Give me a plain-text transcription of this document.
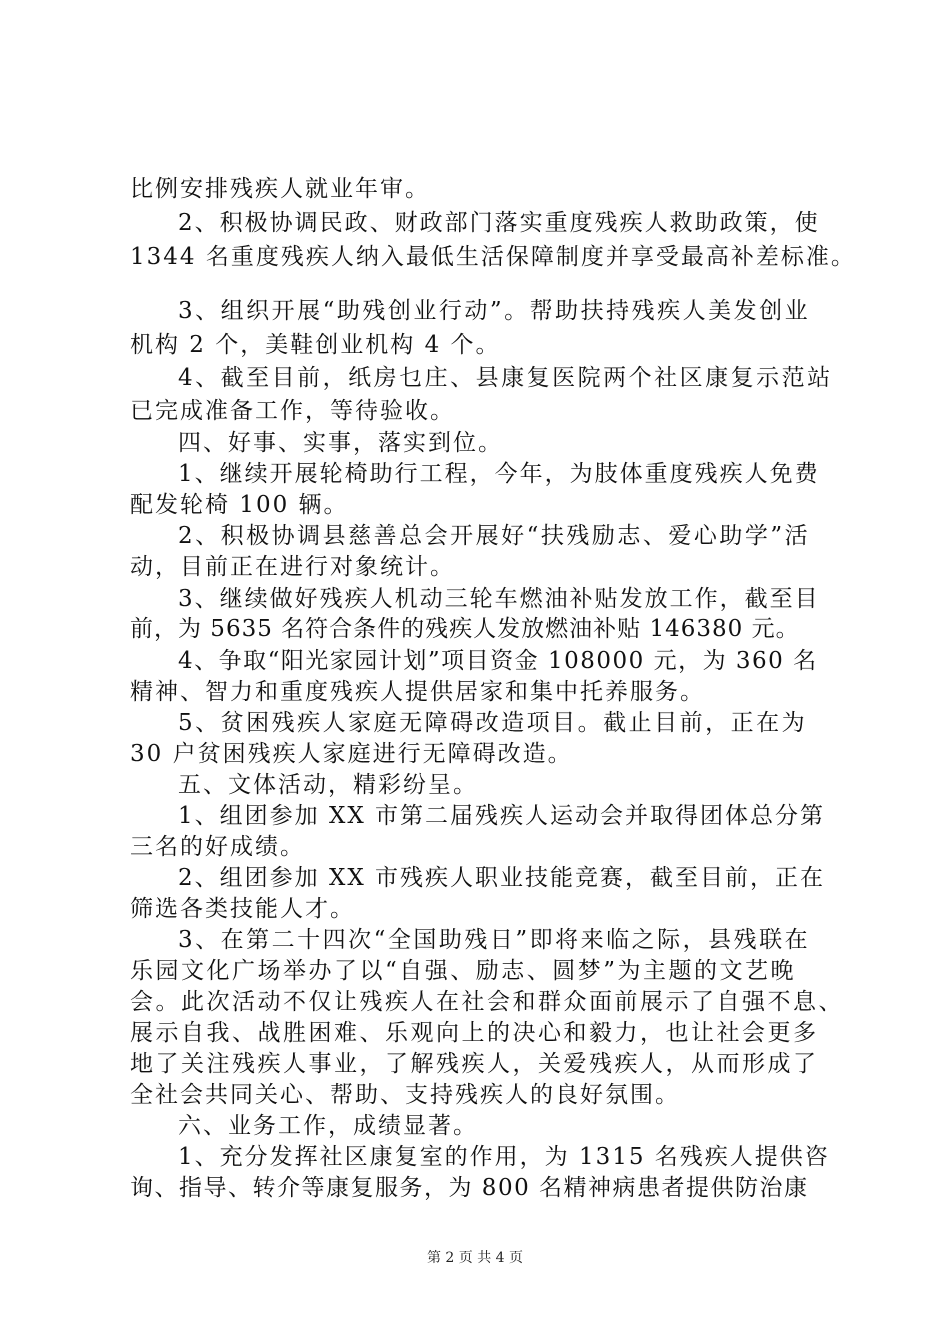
比例安排残疾人就业年审。
2、积极协调民政、财政部门落实重度残疾人救助政策，使
1344 名重度残疾人纳入最低生活保障制度并享受最高补差标准。
3、组织开展“助残创业行动”。帮助扶持残疾人美发创业
机构 2 个，美鞋创业机构 4 个。
4、截至目前，纸房乜庄、县康复医院两个社区康复示范站
已完成准备工作，等待验收。
四、好事、实事，落实到位。
1、继续开展轮椅助行工程，今年，为肢体重度残疾人免费
配发轮椅 100 辆。
2、积极协调县慈善总会开展好“扶残励志、爱心助学”活
动，目前正在进行对象统计。
3、继续做好残疾人机动三轮车燃油补贴发放工作，截至目
前，为 5635 名符合条件的残疾人发放燃油补贴 146380 元。
4、争取“阳光家园计划”项目资金 108000 元，为 360 名
精神、智力和重度残疾人提供居家和集中托养服务。
5、贫困残疾人家庭无障碍改造项目。截止目前，正在为
30 户贫困残疾人家庭进行无障碍改造。
五、文体活动，精彩纷呈。
1、组团参加 XX 市第二届残疾人运动会并取得团体总分第
三名的好成绩。
2、组团参加 XX 市残疾人职业技能竞赛，截至目前，正在
筛选各类技能人才。
3、在第二十四次“全国助残日”即将来临之际，县残联在
乐园文化广场举办了以“自强、励志、圆梦”为主题的文艺晚
会。此次活动不仅让残疾人在社会和群众面前展示了自强不息、
展示自我、战胜困难、乐观向上的决心和毅力，也让社会更多
地了关注残疾人事业，了解残疾人，关爱残疾人，从而形成了
全社会共同关心、帮助、支持残疾人的良好氛围。
六、业务工作，成绩显著。
1、充分发挥社区康复室的作用，为 1315 名残疾人提供咨
询、指导、转介等康复服务，为 800 名精神病患者提供防治康
第 2 页 共 4 页
